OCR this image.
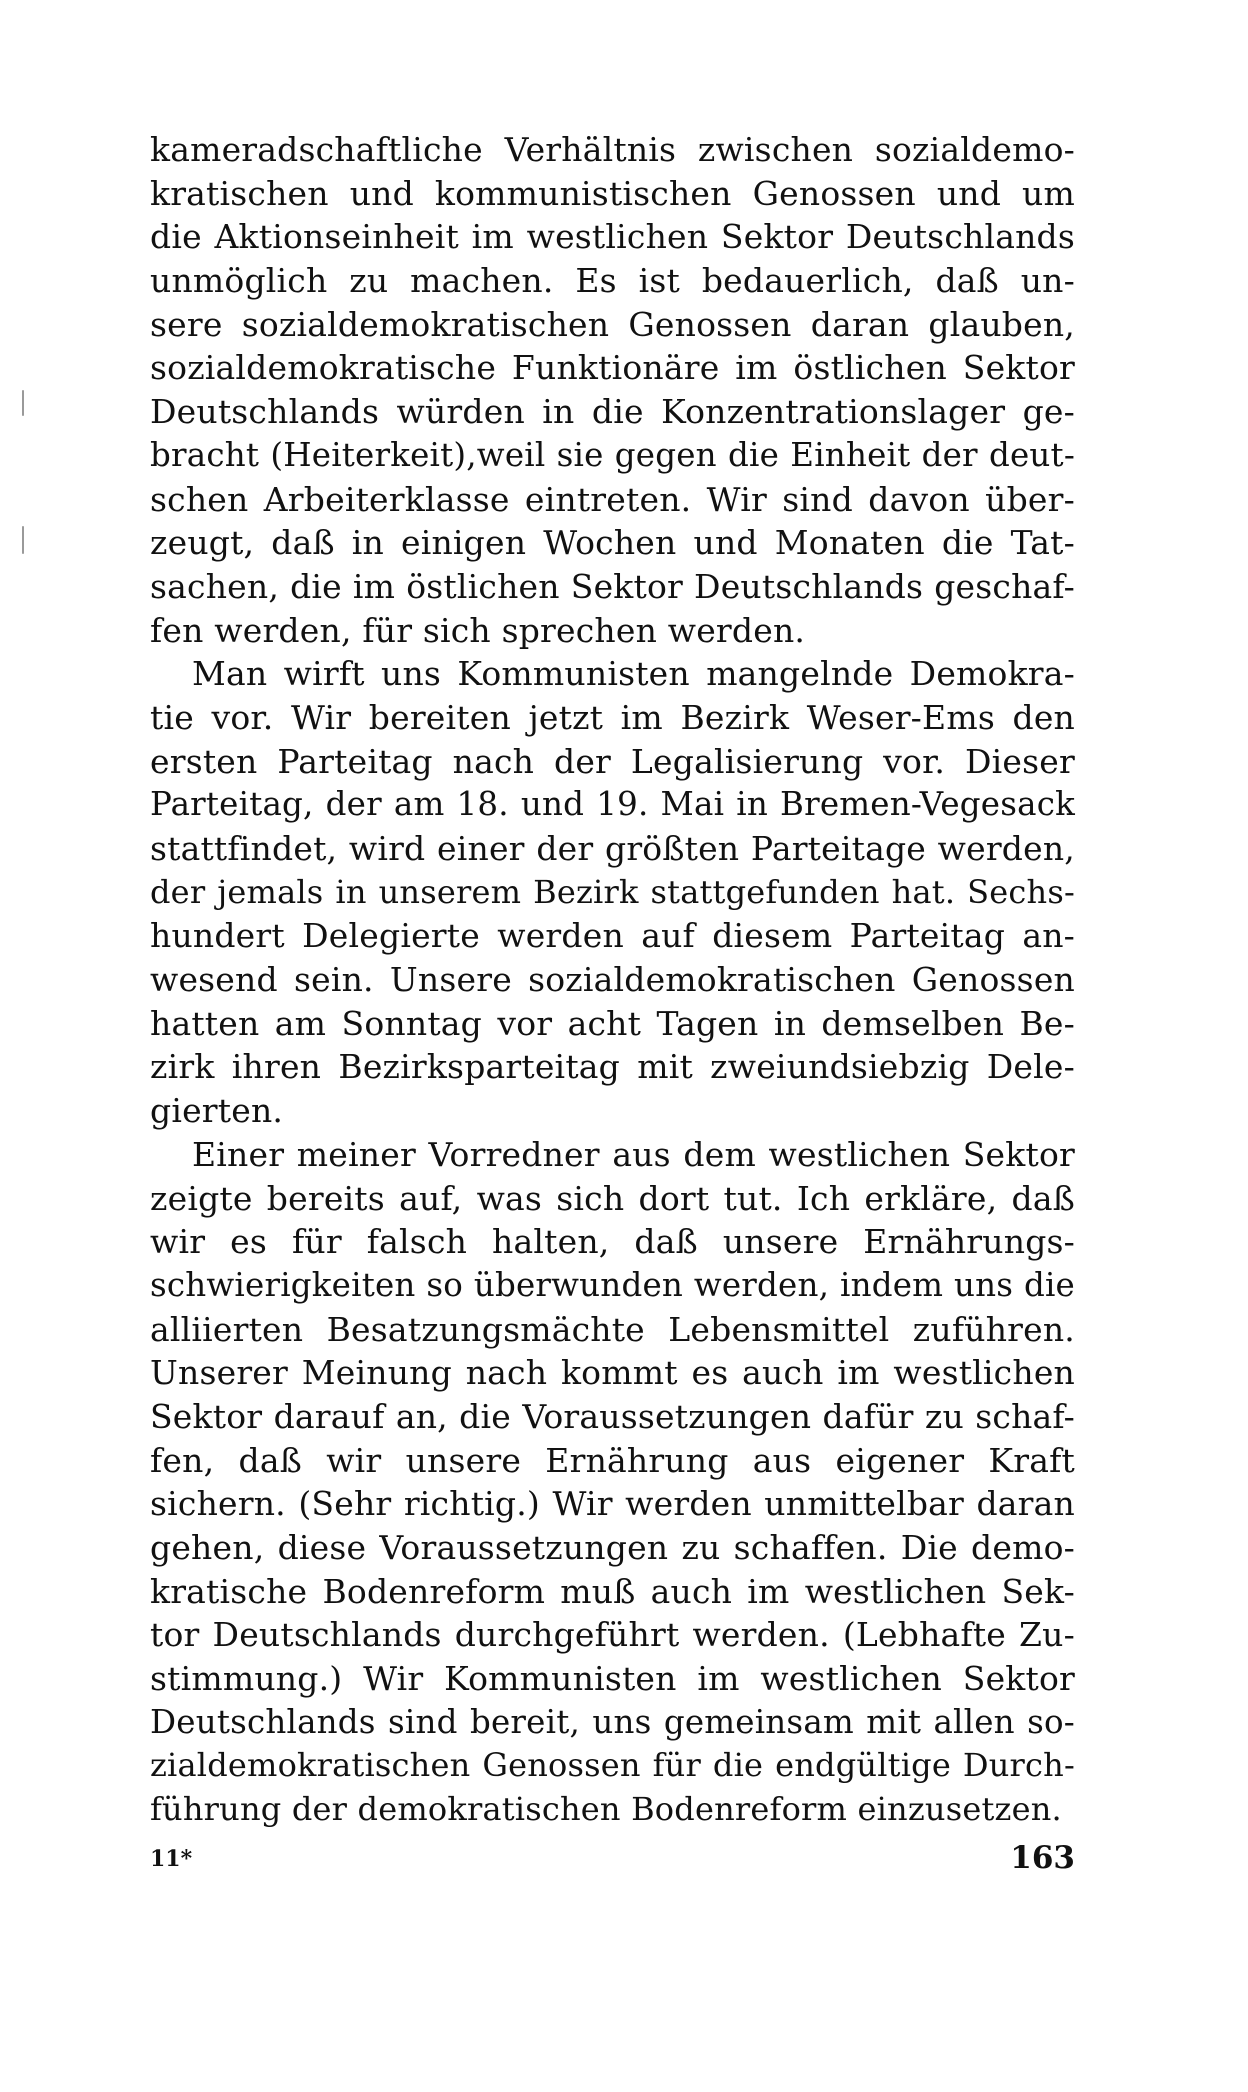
kameradschaftliche Verhältnis zwischen sozialdemo-
kratischen und kommunistischen Genossen und um
die Aktionseinheit im westlichen Sektor Deutschlands
unmöglich zu machen. Es ist bedauerlich, daß un-
sere sozialdemokratischen Genossen daran glauben,
sozialdemokratische Funktionäre im östlichen Sektor
Deutschlands würden in die Konzentrationslager ge-
bracht (Heiterkeit),weil sie gegen die Einheit der deut-
schen Arbeiterklasse eintreten. Wir sind davon über-
zeugt, daß in einigen Wochen und Monaten die Tat-
sachen, die im östlichen Sektor Deutschlands geschaf-
fen werden, für sich sprechen werden.
Man wirft uns Kommunisten mangelnde Demokra-
tie vor. Wir bereiten jetzt im Bezirk Weser-Ems den
ersten Parteitag nach der Legalisierung vor. Dieser
Parteitag, der am 18. und 19. Mai in Bremen-Vegesack
stattfindet, wird einer der größten Parteitage werden,
der jemals in unserem Bezirk stattgefunden hat. Sechs-
hundert Delegierte werden auf diesem Parteitag an-
wesend sein. Unsere sozialdemokratischen Genossen
hatten am Sonntag vor acht Tagen in demselben Be-
zirk ihren Bezirksparteitag mit zweiundsiebzig Dele-
gierten.
Einer meiner Vorredner aus dem westlichen Sektor
zeigte bereits auf, was sich dort tut. Ich erkläre, daß
wir es für falsch halten, daß unsere Ernährungs-
schwierigkeiten so überwunden werden, indem uns die
alliierten Besatzungsmächte Lebensmittel zuführen.
Unserer Meinung nach kommt es auch im westlichen
Sektor darauf an, die Voraussetzungen dafür zu schaf-
fen, daß wir unsere Ernährung aus eigener Kraft
sichern. (Sehr richtig.) Wir werden unmittelbar daran
gehen, diese Voraussetzungen zu schaffen. Die demo-
kratische Bodenreform muß auch im westlichen Sek-
tor Deutschlands durchgeführt werden. (Lebhafte Zu-
stimmung.) Wir Kommunisten im westlichen Sektor
Deutschlands sind bereit, uns gemeinsam mit allen so-
zialdemokratischen Genossen für die endgültige Durch-
führung der demokratischen Bodenreform einzusetzen.
11*	163
